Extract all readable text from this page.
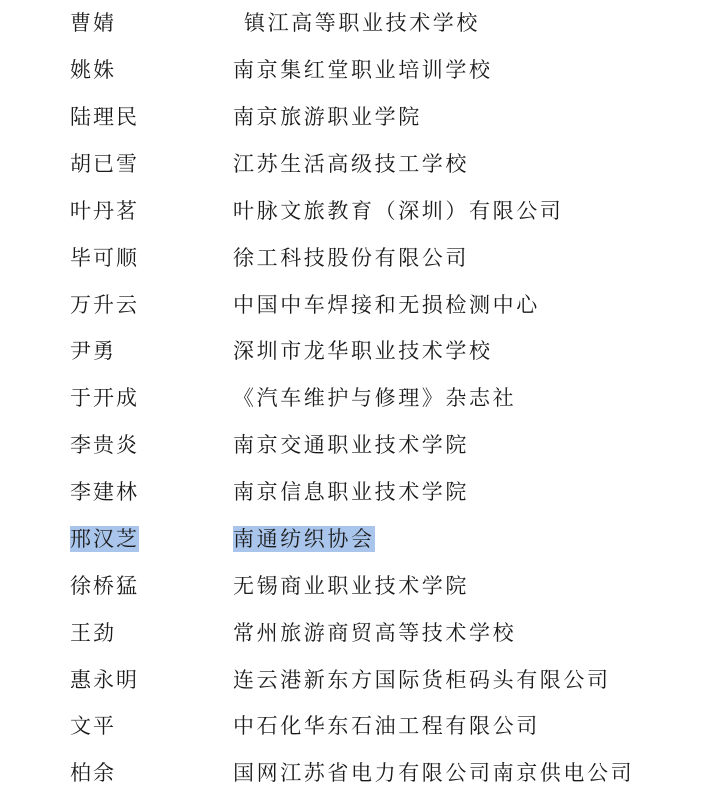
曹婧	镇江高等职业技术学校
姚姝	南京集红堂职业培训学校
陆理民	南京旅游职业学院
胡已雪	江苏生活高级技工学校
叶丹茗	叶脉文旅教育（深圳）有限公司
毕可顺	徐工科技股份有限公司
万升云	中国中车焊接和无损检测中心
尹勇	深圳市龙华职业技术学校
于开成	《汽车维护与修理》杂志社
李贵炎	南京交通职业技术学院
李建林	南京信息职业技术学院
邢汉芝	南通纺织协会
徐桥猛	无锡商业职业技术学院
王劲	常州旅游商贸高等技术学校
惠永明	连云港新东方国际货柜码头有限公司
文平	中石化华东石油工程有限公司
柏余	国网江苏省电力有限公司南京供电公司
